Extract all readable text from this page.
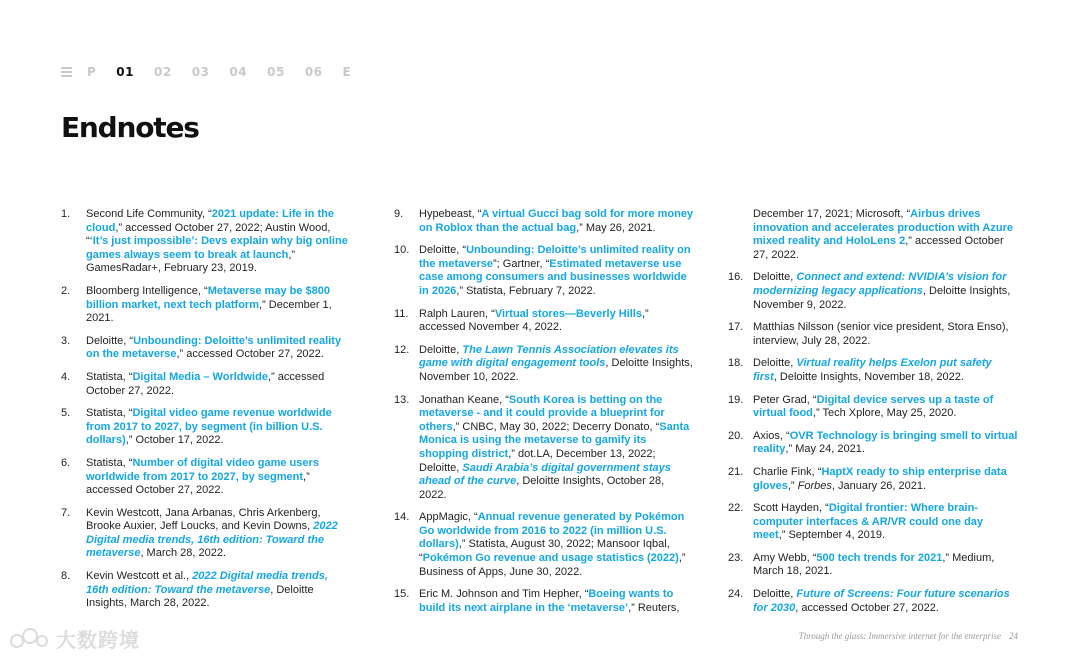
P 01 02 03 04 05 06 E
Endnotes
1. Second Life Community, “2021 update: Life in the cloud,” accessed October 27, 2022; Austin Wood, “‘It’s just impossible’: Devs explain why big online games always seem to break at launch,” GamesRadar+, February 23, 2019.
2. Bloomberg Intelligence, “Metaverse may be $800 billion market, next tech platform,” December 1, 2021.
3. Deloitte, “Unbounding: Deloitte’s unlimited reality on the metaverse,” accessed October 27, 2022.
4. Statista, “Digital Media – Worldwide,” accessed October 27, 2022.
5. Statista, “Digital video game revenue worldwide from 2017 to 2027, by segment (in billion U.S. dollars),” October 17, 2022.
6. Statista, “Number of digital video game users worldwide from 2017 to 2027, by segment,” accessed October 27, 2022.
7. Kevin Westcott, Jana Arbanas, Chris Arkenberg, Brooke Auxier, Jeff Loucks, and Kevin Downs, 2022 Digital media trends, 16th edition: Toward the metaverse, March 28, 2022.
8. Kevin Westcott et al., 2022 Digital media trends, 16th edition: Toward the metaverse, Deloitte Insights, March 28, 2022.
9. Hypebeast, “A virtual Gucci bag sold for more money on Roblox than the actual bag,” May 26, 2021.
10. Deloitte, “Unbounding: Deloitte’s unlimited reality on the metaverse”; Gartner, “Estimated metaverse use case among consumers and businesses worldwide in 2026,” Statista, February 7, 2022.
11. Ralph Lauren, “Virtual stores—Beverly Hills,” accessed November 4, 2022.
12. Deloitte, The Lawn Tennis Association elevates its game with digital engagement tools, Deloitte Insights, November 10, 2022.
13. Jonathan Keane, “South Korea is betting on the metaverse - and it could provide a blueprint for others,” CNBC, May 30, 2022; Decerry Donato, “Santa Monica is using the metaverse to gamify its shopping district,” dot.LA, December 13, 2022; Deloitte, Saudi Arabia’s digital government stays ahead of the curve, Deloitte Insights, October 28, 2022.
14. AppMagic, “Annual revenue generated by Pokémon Go worldwide from 2016 to 2022 (in million U.S. dollars),” Statista, August 30, 2022; Mansoor Iqbal, “Pokémon Go revenue and usage statistics (2022),” Business of Apps, June 30, 2022.
15. Eric M. Johnson and Tim Hepher, “Boeing wants to build its next airplane in the ‘metaverse’,” Reuters,
December 17, 2021; Microsoft, “Airbus drives innovation and accelerates production with Azure mixed reality and HoloLens 2,” accessed October 27, 2022.
16. Deloitte, Connect and extend: NVIDIA’s vision for modernizing legacy applications, Deloitte Insights, November 9, 2022.
17. Matthias Nilsson (senior vice president, Stora Enso), interview, July 28, 2022.
18. Deloitte, Virtual reality helps Exelon put safety first, Deloitte Insights, November 18, 2022.
19. Peter Grad, “Digital device serves up a taste of virtual food,” Tech Xplore, May 25, 2020.
20. Axios, “OVR Technology is bringing smell to virtual reality,” May 24, 2021.
21. Charlie Fink, “HaptX ready to ship enterprise data gloves,” Forbes, January 26, 2021.
22. Scott Hayden, “Digital frontier: Where brain-computer interfaces & AR/VR could one day meet,” September 4, 2019.
23. Amy Webb, “500 tech trends for 2021,” Medium, March 18, 2021.
24. Deloitte, Future of Screens: Four future scenarios for 2030, accessed October 27, 2022.
大数跨境	Through the glass: Immersive internet for the enterprise 24
